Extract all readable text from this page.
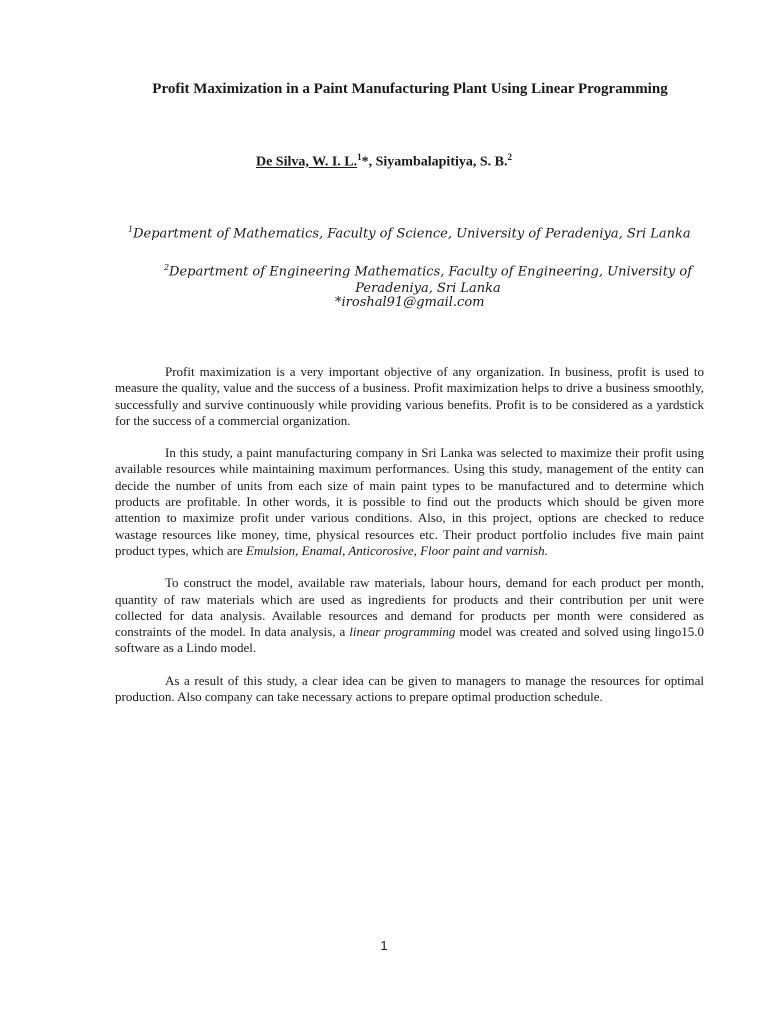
Profit Maximization in a Paint Manufacturing Plant Using Linear Programming
De Silva, W. I. L.$^1$*, Siyambalapitiya, S. B.$^2$
$^1$Department of Mathematics, Faculty of Science, University of Peradeniya, Sri Lanka
$^2$Department of Engineering Mathematics, Faculty of Engineering, University of Peradeniya, Sri Lanka
*iroshal91@gmail.com

Profit maximization is a very important objective of any organization. In business, profit is used to measure the quality, value and the success of a business. Profit maximization helps to drive a business smoothly, successfully and survive continuously while providing various benefits. Profit is to be considered as a yardstick for the success of a commercial organization.

In this study, a paint manufacturing company in Sri Lanka was selected to maximize their profit using available resources while maintaining maximum performances. Using this study, management of the entity can decide the number of units from each size of main paint types to be manufactured and to determine which products are profitable. In other words, it is possible to find out the products which should be given more attention to maximize profit under various conditions. Also, in this project, options are checked to reduce wastage resources like money, time, physical resources etc. Their product portfolio includes five main paint product types, which are Emulsion, Enamal, Anticorosive, Floor paint and varnish.

To construct the model, available raw materials, labour hours, demand for each product per month, quantity of raw materials which are used as ingredients for products and their contribution per unit were collected for data analysis. Available resources and demand for products per month were considered as constraints of the model. In data analysis, a linear programming model was created and solved using lingo15.0 software as a Lindo model.

As a result of this study, a clear idea can be given to managers to manage the resources for optimal production. Also company can take necessary actions to prepare optimal production schedule.

1
